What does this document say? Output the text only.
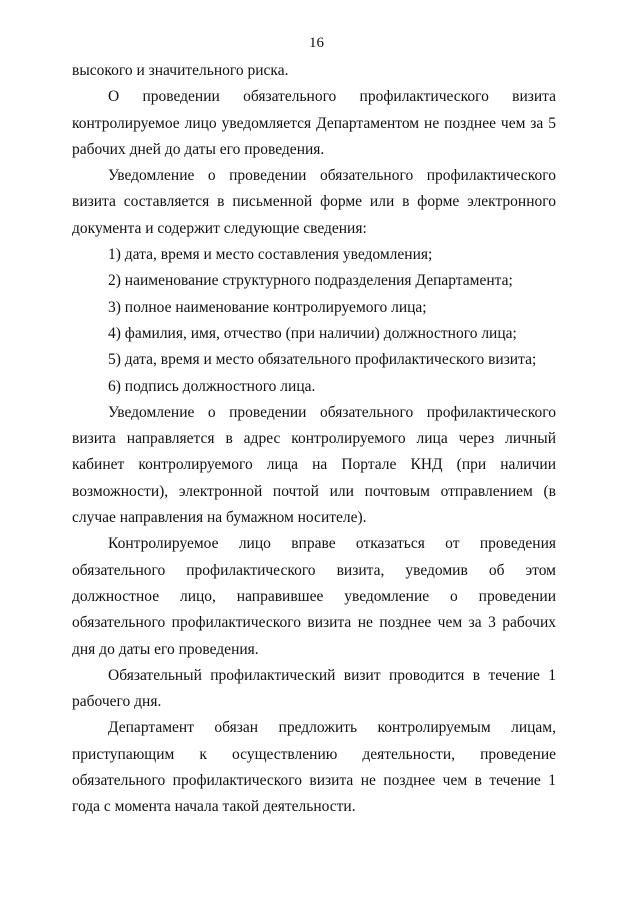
16

высокого и значительного риска.

О проведении обязательного профилактического визита контролируемое лицо уведомляется Департаментом не позднее чем за 5 рабочих дней до даты его проведения.

Уведомление о проведении обязательного профилактического визита составляется в письменной форме или в форме электронного документа и содержит следующие сведения:

1) дата, время и место составления уведомления;

2) наименование структурного подразделения Департамента;

3) полное наименование контролируемого лица;

4) фамилия, имя, отчество (при наличии) должностного лица;

5) дата, время и место обязательного профилактического визита;

6) подпись должностного лица.

Уведомление о проведении обязательного профилактического визита направляется в адрес контролируемого лица через личный кабинет контролируемого лица на Портале КНД (при наличии возможности), электронной почтой или почтовым отправлением (в случае направления на бумажном носителе).

Контролируемое лицо вправе отказаться от проведения обязательного профилактического визита, уведомив об этом должностное лицо, направившее уведомление о проведении обязательного профилактического визита не позднее чем за 3 рабочих дня до даты его проведения.

Обязательный профилактический визит проводится в течение 1 рабочего дня.

Департамент обязан предложить контролируемым лицам, приступающим к осуществлению деятельности, проведение обязательного профилактического визита не позднее чем в течение 1 года с момента начала такой деятельности.
